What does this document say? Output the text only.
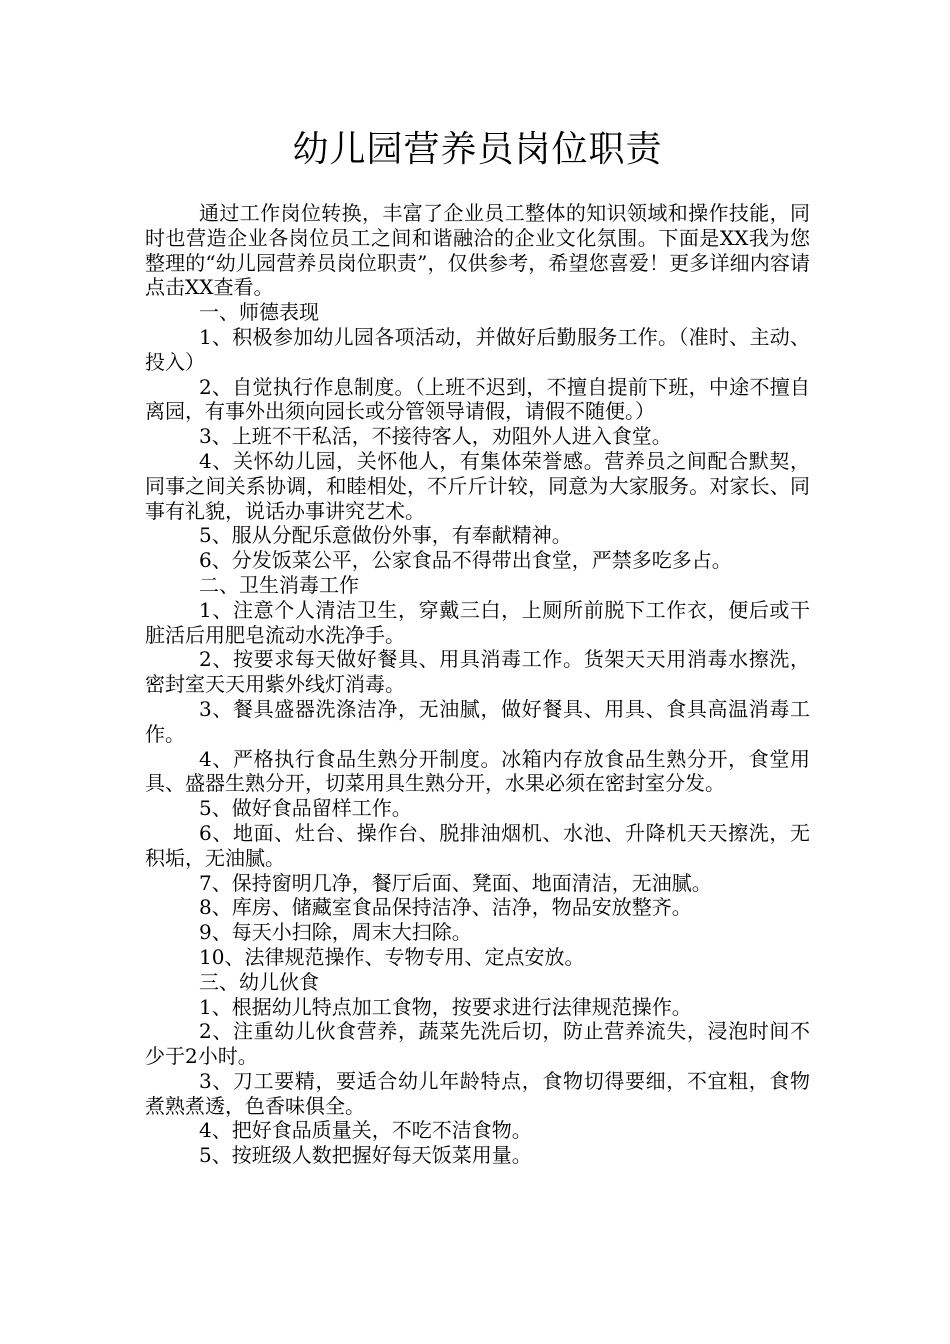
幼儿园营养员岗位职责

通过工作岗位转换，丰富了企业员工整体的知识领域和操作技能，同时也营造企业各岗位员工之间和谐融洽的企业文化氛围。下面是XX我为您整理的“幼儿园营养员岗位职责”，仅供参考，希望您喜爱！更多详细内容请点击XX查看。

一、师德表现

1、积极参加幼儿园各项活动，并做好后勤服务工作。（准时、主动、投入）

2、自觉执行作息制度。（上班不迟到，不擅自提前下班，中途不擅自离园，有事外出须向园长或分管领导请假，请假不随便。）

3、上班不干私活，不接待客人，劝阻外人进入食堂。

4、关怀幼儿园，关怀他人，有集体荣誉感。营养员之间配合默契，同事之间关系协调，和睦相处，不斤斤计较，同意为大家服务。对家长、同事有礼貌，说话办事讲究艺术。

5、服从分配乐意做份外事，有奉献精神。

6、分发饭菜公平，公家食品不得带出食堂，严禁多吃多占。

二、卫生消毒工作

1、注意个人清洁卫生，穿戴三白，上厕所前脱下工作衣，便后或干脏活后用肥皂流动水洗净手。

2、按要求每天做好餐具、用具消毒工作。货架天天用消毒水擦洗，密封室天天用紫外线灯消毒。

3、餐具盛器洗涤洁净，无油腻，做好餐具、用具、食具高温消毒工作。

4、严格执行食品生熟分开制度。冰箱内存放食品生熟分开，食堂用具、盛器生熟分开，切菜用具生熟分开，水果必须在密封室分发。

5、做好食品留样工作。

6、地面、灶台、操作台、脱排油烟机、水池、升降机天天擦洗，无积垢，无油腻。

7、保持窗明几净，餐厅后面、凳面、地面清洁，无油腻。

8、库房、储藏室食品保持洁净、洁净，物品安放整齐。

9、每天小扫除，周末大扫除。

10、法律规范操作、专物专用、定点安放。

三、幼儿伙食

1、根据幼儿特点加工食物，按要求进行法律规范操作。

2、注重幼儿伙食营养，蔬菜先洗后切，防止营养流失，浸泡时间不少于2小时。

3、刀工要精，要适合幼儿年龄特点，食物切得要细，不宜粗，食物煮熟煮透，色香味俱全。

4、把好食品质量关，不吃不洁食物。

5、按班级人数把握好每天饭菜用量。
